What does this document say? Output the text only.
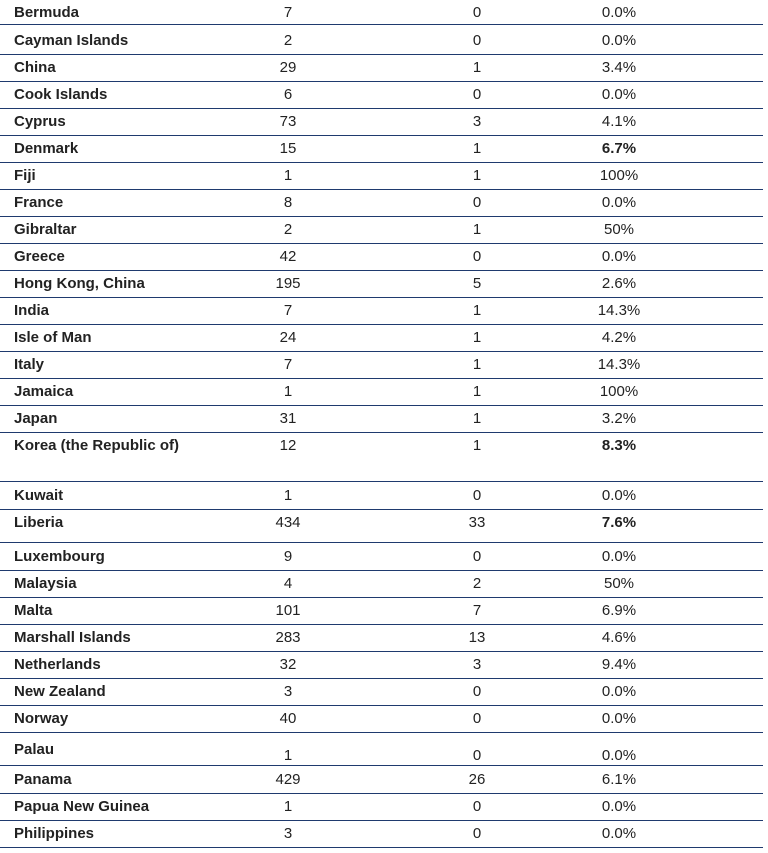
Bermuda	7	0	0.0%
Cayman Islands	2	0	0.0%
China	29	1	3.4%
Cook Islands	6	0	0.0%
Cyprus	73	3	4.1%
Denmark	15	1	6.7%
Fiji	1	1	100%
France	8	0	0.0%
Gibraltar	2	1	50%
Greece	42	0	0.0%
Hong Kong, China	195	5	2.6%
India	7	1	14.3%
Isle of Man	24	1	4.2%
Italy	7	1	14.3%
Jamaica	1	1	100%
Japan	31	1	3.2%
Korea (the Republic of)	12	1	8.3%
Kuwait	1	0	0.0%
Liberia	434	33	7.6%
Luxembourg	9	0	0.0%
Malaysia	4	2	50%
Malta	101	7	6.9%
Marshall Islands	283	13	4.6%
Netherlands	32	3	9.4%
New Zealand	3	0	0.0%
Norway	40	0	0.0%
Palau	1	0	0.0%
Panama	429	26	6.1%
Papua New Guinea	1	0	0.0%
Philippines	3	0	0.0%
